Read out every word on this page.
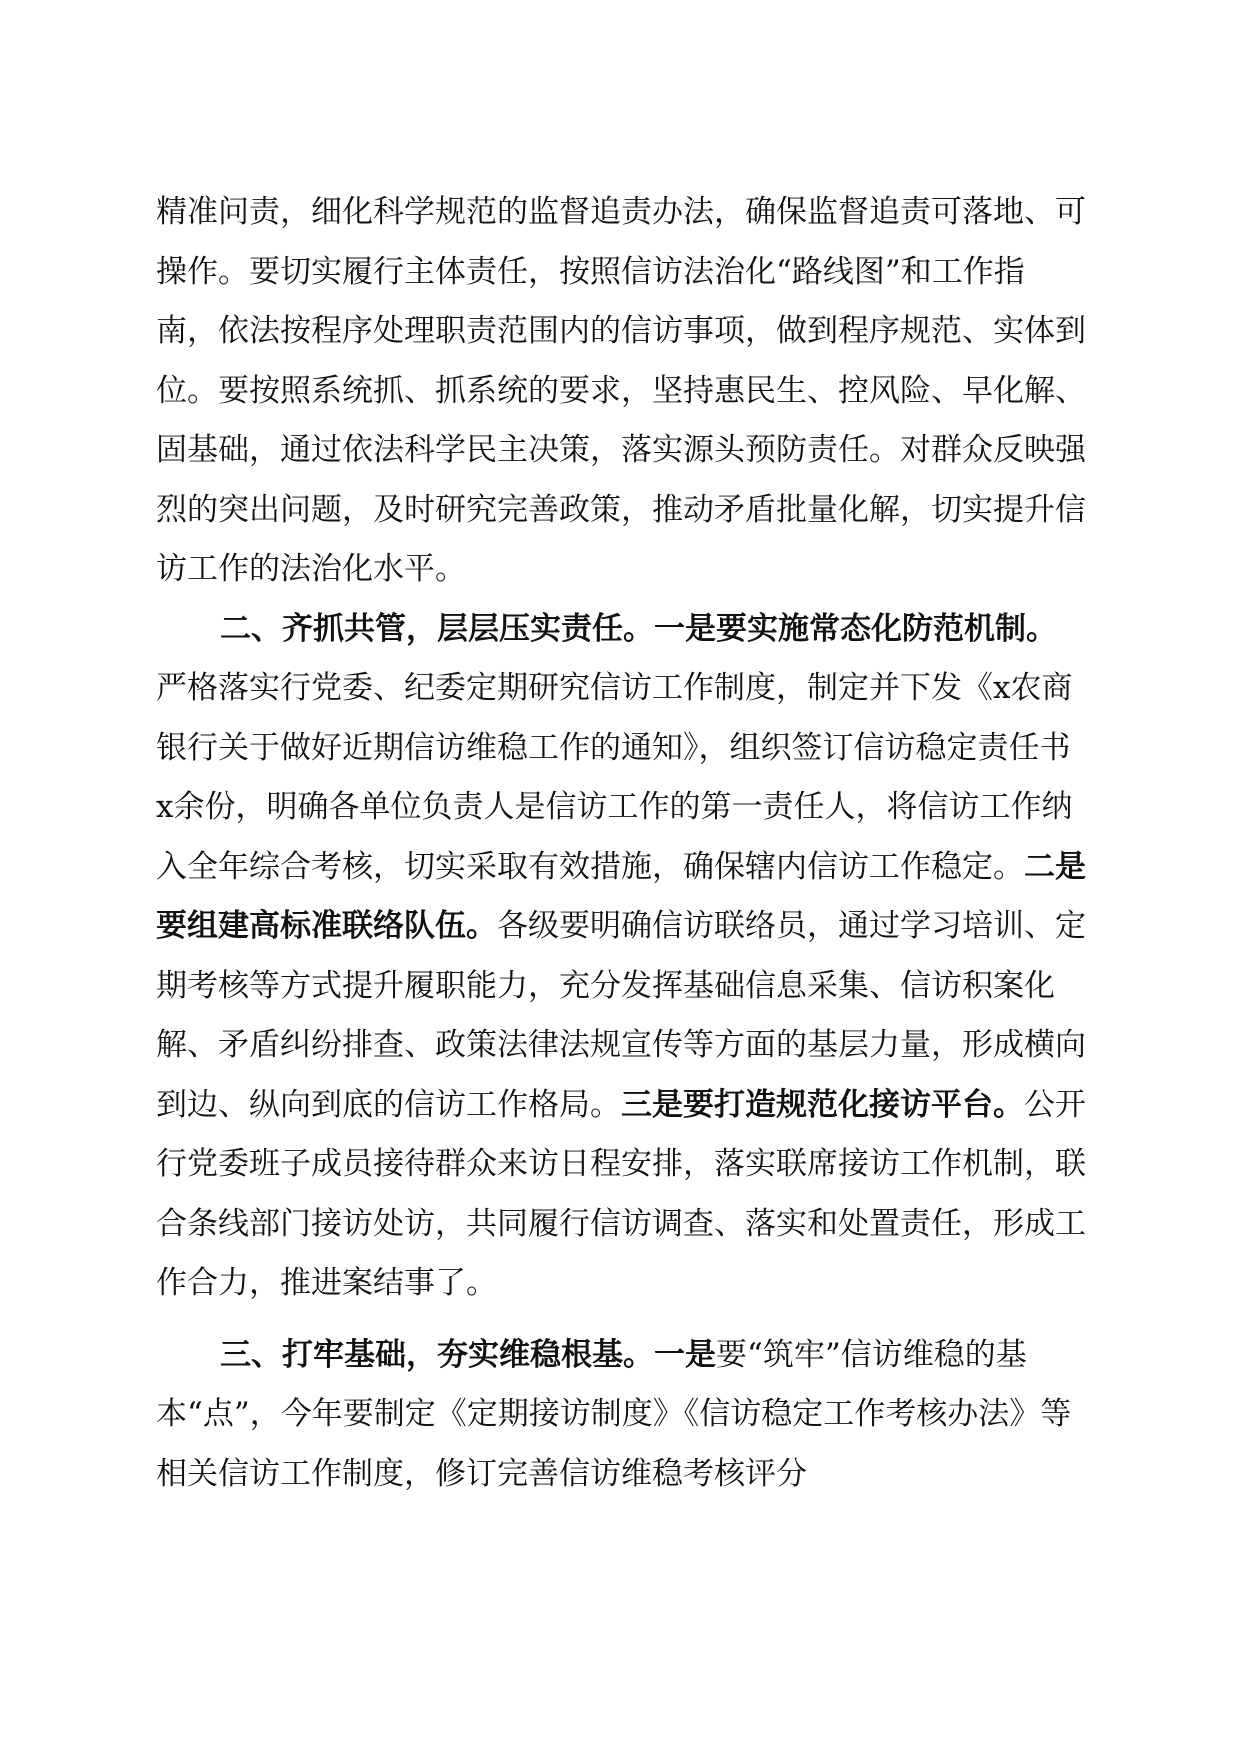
精准问责，细化科学规范的监督追责办法，确保监督追责可落地、可操作。要切实履行主体责任，按照信访法治化“路线图”和工作指南，依法按程序处理职责范围内的信访事项，做到程序规范、实体到位。要按照系统抓、抓系统的要求，坚持惠民生、控风险、早化解、固基础，通过依法科学民主决策，落实源头预防责任。对群众反映强烈的突出问题，及时研究完善政策，推动矛盾批量化解，切实提升信访工作的法治化水平。

二、齐抓共管，层层压实责任。一是要实施常态化防范机制。严格落实行党委、纪委定期研究信访工作制度，制定并下发《x农商银行关于做好近期信访维稳工作的通知》，组织签订信访稳定责任书x余份，明确各单位负责人是信访工作的第一责任人，将信访工作纳入全年综合考核，切实采取有效措施，确保辖内信访工作稳定。二是要组建高标准联络队伍。各级要明确信访联络员，通过学习培训、定期考核等方式提升履职能力，充分发挥基础信息采集、信访积案化解、矛盾纠纷排查、政策法律法规宣传等方面的基层力量，形成横向到边、纵向到底的信访工作格局。三是要打造规范化接访平台。公开行党委班子成员接待群众来访日程安排，落实联席接访工作机制，联合条线部门接访处访，共同履行信访调查、落实和处置责任，形成工作合力，推进案结事了。

三、打牢基础，夯实维稳根基。一是要“筑牢”信访维稳的基本“点”，今年要制定《定期接访制度》《信访稳定工作考核办法》等相关信访工作制度，修订完善信访维稳考核评分
